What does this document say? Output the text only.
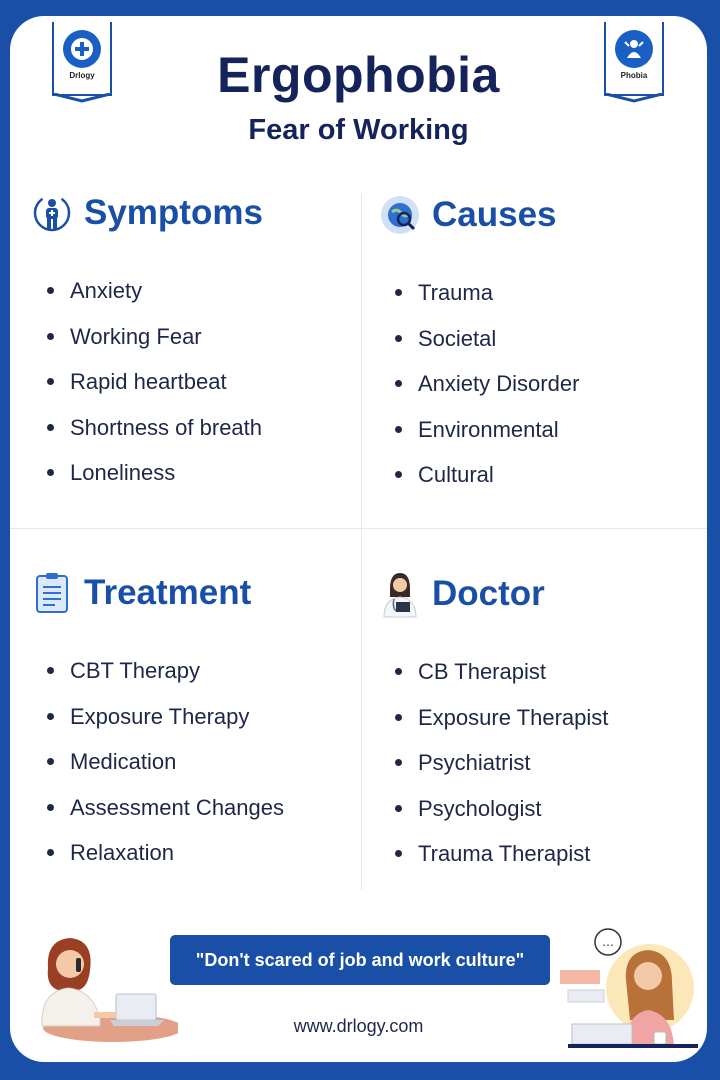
Drlogy	Phobia
Ergophobia
Fear of Working
Symptoms
Anxiety
Working Fear
Rapid heartbeat
Shortness of breath
Loneliness
Causes
Trauma
Societal
Anxiety Disorder
Environmental
Cultural
Treatment
CBT Therapy
Exposure Therapy
Medication
Assessment Changes
Relaxation
Doctor
CB Therapist
Exposure Therapist
Psychiatrist
Psychologist
Trauma Therapist
"Don't scared of job and work culture"
www.drlogy.com
…
